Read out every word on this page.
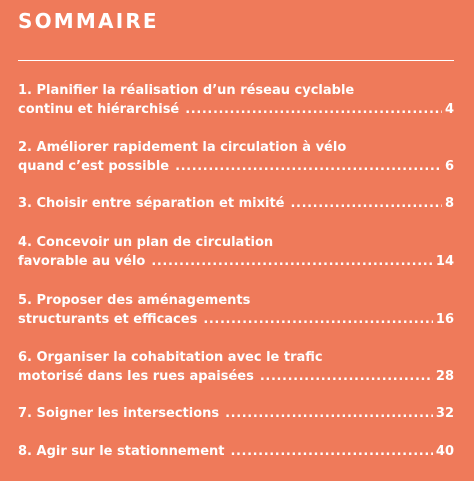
SOMMAIRE
1. Planifier la réalisation d’un réseau cyclable
continu et hiérarchisé .....	4
2. Améliorer rapidement la circulation à vélo
quand c’est possible .....	6
3. Choisir entre séparation et mixité .....	8
4. Concevoir un plan de circulation
favorable au vélo .....	14
5. Proposer des aménagements
structurants et efficaces .....	16
6. Organiser la cohabitation avec le trafic
motorisé dans les rues apaisées .....	28
7. Soigner les intersections .....	32
8. Agir sur le stationnement .....	40
